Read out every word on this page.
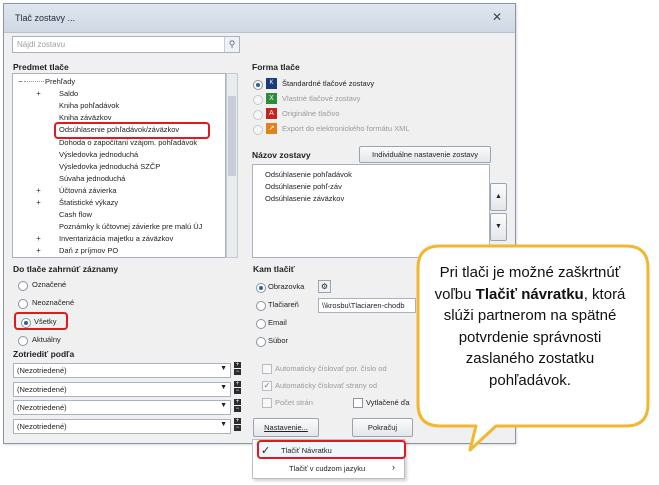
Tlač zostavy ...	✕
Nájdi zostavu	⚲
Predmet tlače
−	Prehľady
+ Saldo
Kniha pohľadávok
Kniha záväzkov
Odsúhlasenie pohľadávok/záväzkov
Dohoda o započítaní vzájom. pohľadávok
Výsledovka jednoduchá
Výsledovka jednoduchá SZČP
Súvaha jednoduchá
+ Účtovná závierka
+ Štatistické výkazy
Cash flow
Poznámky k účtovnej závierke pre malú ÚJ
+ Inventarizácia majetku a záväzkov
+ Daň z príjmov PO
Forma tlače
K	Štandardné tlačové zostavy
X	Vlastné tlačové zostavy
A	Originálne tlačivo
↗	Export do elektronického formátu XML
Názov zostavy	Individuálne nastavenie zostavy
Odsúhlasenie pohľadávok
Odsúhlasenie pohľ-záv
Odsúhlasenie záväzkov	▲
▼
Do tlače zahrnúť záznamy
Označené
Neoznačené
Všetky
Aktuálny
Zotriediť podľa
(Nezotriedené)	▼
(Nezotriedené)	▼
(Nezotriedené)	▼
(Nezotriedené)	▼
+
−
+
−
+
−
+
−
Kam tlačiť
Obrazovka	⚙
Tlačiareň
Email
Súbor
\\krosbu\Tlaciaren-chodb
Automaticky číslovať por. číslo od
✓ Automaticky číslovať strany od
Počet strán	Vytlačené ďa
Nastavenie...	Pokračuj
✓ Tlačiť Návratku
Tlačiť v cudzom jazyku	›
Pri tlači je možné zaškrtnúť voľbu Tlačiť návratku, ktorá slúži partnerom na spätné potvrdenie správnosti zaslaného zostatku pohľadávok.
